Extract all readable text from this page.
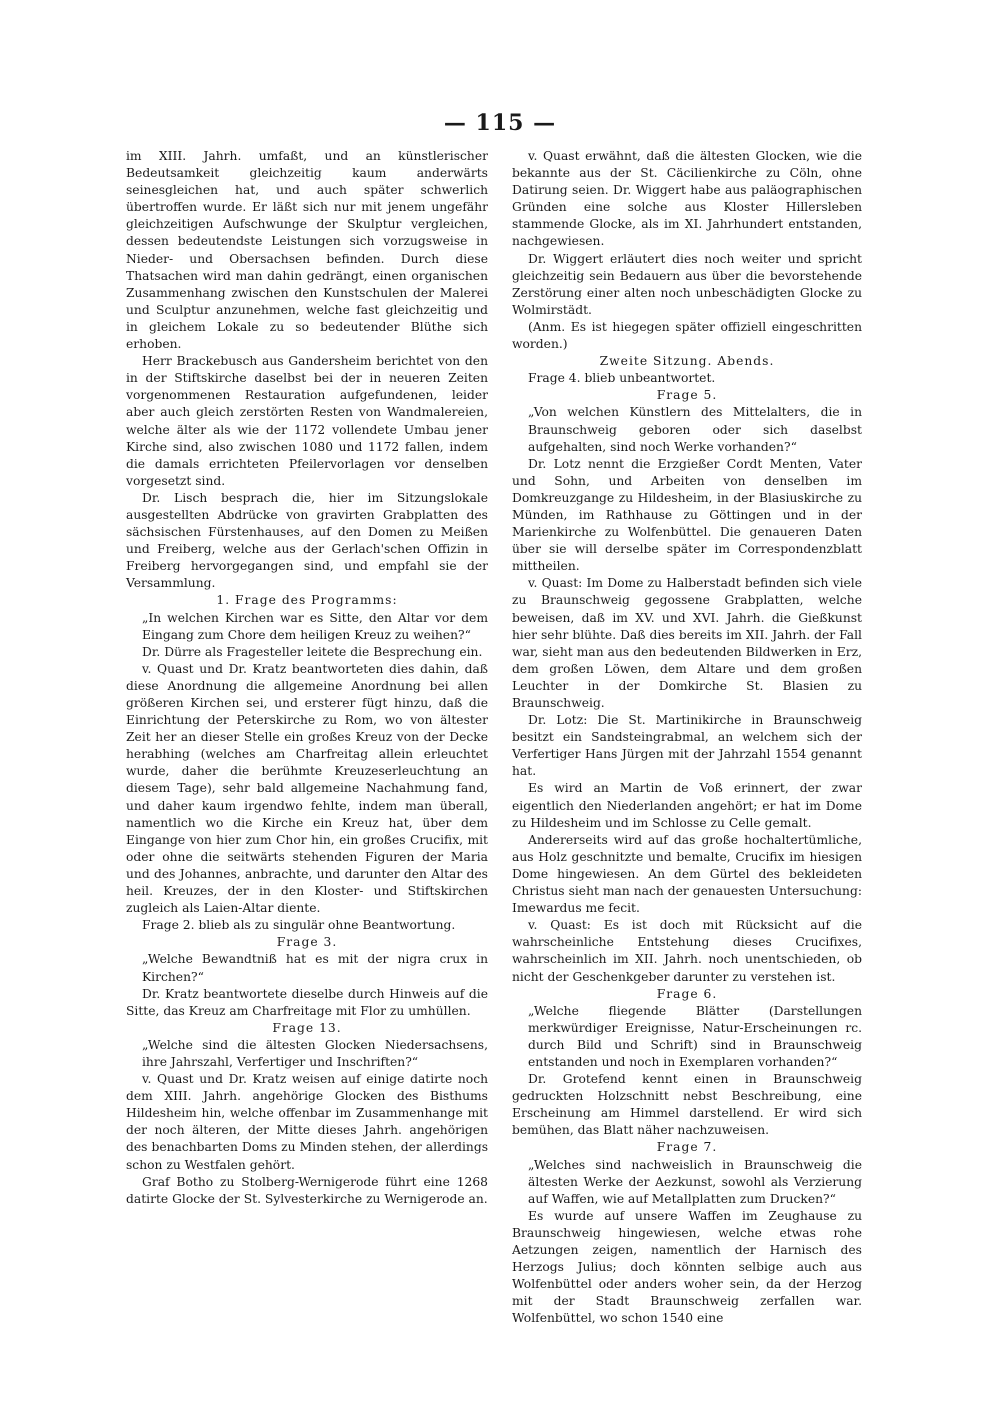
— 115 —

im XIII. Jahrh. umfaßt, und an künstlerischer Bedeutsamkeit gleichzeitig kaum anderwärts seinesgleichen hat, und auch später schwerlich übertroffen wurde. Er läßt sich nur mit jenem ungefähr gleichzeitigen Aufschwunge der Skulptur vergleichen, dessen bedeutendste Leistungen sich vorzugsweise in Nieder- und Obersachsen befinden. Durch diese Thatsachen wird man dahin gedrängt, einen organischen Zusammenhang zwischen den Kunstschulen der Malerei und Sculptur anzunehmen, welche fast gleichzeitig und in gleichem Lokale zu so bedeutender Blüthe sich erhoben.

Herr Brackebusch aus Gandersheim berichtet von den in der Stiftskirche daselbst bei der in neueren Zeiten vorgenommenen Restauration aufgefundenen, leider aber auch gleich zerstörten Resten von Wandmalereien, welche älter als wie der 1172 vollendete Umbau jener Kirche sind, also zwischen 1080 und 1172 fallen, indem die damals errichteten Pfeilervorlagen vor denselben vorgesetzt sind.

Dr. Lisch besprach die, hier im Sitzungslokale ausgestellten Abdrücke von gravirten Grabplatten des sächsischen Fürstenhauses, auf den Domen zu Meißen und Freiberg, welche aus der Gerlach'schen Offizin in Freiberg hervorgegangen sind, und empfahl sie der Versammlung.

1. Frage des Programms:

„In welchen Kirchen war es Sitte, den Altar vor dem Eingang zum Chore dem heiligen Kreuz zu weihen?“

Dr. Dürre als Fragesteller leitete die Besprechung ein.

v. Quast und Dr. Kratz beantworteten dies dahin, daß diese Anordnung die allgemeine Anordnung bei allen größeren Kirchen sei, und ersterer fügt hinzu, daß die Einrichtung der Peterskirche zu Rom, wo von ältester Zeit her an dieser Stelle ein großes Kreuz von der Decke herabhing (welches am Charfreitag allein erleuchtet wurde, daher die berühmte Kreuzeserleuchtung an diesem Tage), sehr bald allgemeine Nachahmung fand, und daher kaum irgendwo fehlte, indem man überall, namentlich wo die Kirche ein Kreuz hat, über dem Eingange von hier zum Chor hin, ein großes Crucifix, mit oder ohne die seitwärts stehenden Figuren der Maria und des Johannes, anbrachte, und darunter den Altar des heil. Kreuzes, der in den Kloster- und Stiftskirchen zugleich als Laien-Altar diente.

Frage 2. blieb als zu singulär ohne Beantwortung.

Frage 3.

„Welche Bewandtniß hat es mit der nigra crux in Kirchen?“

Dr. Kratz beantwortete dieselbe durch Hinweis auf die Sitte, das Kreuz am Charfreitage mit Flor zu umhüllen.

Frage 13.

„Welche sind die ältesten Glocken Niedersachsens, ihre Jahrszahl, Verfertiger und Inschriften?“

v. Quast und Dr. Kratz weisen auf einige datirte noch dem XIII. Jahrh. angehörige Glocken des Bisthums Hildesheim hin, welche offenbar im Zusammenhange mit der noch älteren, der Mitte dieses Jahrh. angehörigen des benachbarten Doms zu Minden stehen, der allerdings schon zu Westfalen gehört.

Graf Botho zu Stolberg-Wernigerode führt eine 1268 datirte Glocke der St. Sylvesterkirche zu Wernigerode an.

v. Quast erwähnt, daß die ältesten Glocken, wie die bekannte aus der St. Cäcilienkirche zu Cöln, ohne Datirung seien. Dr. Wiggert habe aus paläographischen Gründen eine solche aus Kloster Hillersleben stammende Glocke, als im XI. Jahrhundert entstanden, nachgewiesen.

Dr. Wiggert erläutert dies noch weiter und spricht gleichzeitig sein Bedauern aus über die bevorstehende Zerstörung einer alten noch unbeschädigten Glocke zu Wolmirstädt.

(Anm. Es ist hiegegen später offiziell eingeschritten worden.)

Zweite Sitzung. Abends.

Frage 4. blieb unbeantwortet.

Frage 5.

„Von welchen Künstlern des Mittelalters, die in Braunschweig geboren oder sich daselbst aufgehalten, sind noch Werke vorhanden?“

Dr. Lotz nennt die Erzgießer Cordt Menten, Vater und Sohn, und Arbeiten von denselben im Domkreuzgange zu Hildesheim, in der Blasiuskirche zu Münden, im Rathhause zu Göttingen und in der Marienkirche zu Wolfenbüttel. Die genaueren Daten über sie will derselbe später im Correspondenzblatt mittheilen.

v. Quast: Im Dome zu Halberstadt befinden sich viele zu Braunschweig gegossene Grabplatten, welche beweisen, daß im XV. und XVI. Jahrh. die Gießkunst hier sehr blühte. Daß dies bereits im XII. Jahrh. der Fall war, sieht man aus den bedeutenden Bildwerken in Erz, dem großen Löwen, dem Altare und dem großen Leuchter in der Domkirche St. Blasien zu Braunschweig.

Dr. Lotz: Die St. Martinikirche in Braunschweig besitzt ein Sandsteingrabmal, an welchem sich der Verfertiger Hans Jürgen mit der Jahrzahl 1554 genannt hat.

Es wird an Martin de Voß erinnert, der zwar eigentlich den Niederlanden angehört; er hat im Dome zu Hildesheim und im Schlosse zu Celle gemalt.

Andererseits wird auf das große hochaltertümliche, aus Holz geschnitzte und bemalte, Crucifix im hiesigen Dome hingewiesen. An dem Gürtel des bekleideten Christus sieht man nach der genauesten Untersuchung: Imewardus me fecit.

v. Quast: Es ist doch mit Rücksicht auf die wahrscheinliche Entstehung dieses Crucifixes, wahrscheinlich im XII. Jahrh. noch unentschieden, ob nicht der Geschenkgeber darunter zu verstehen ist.

Frage 6.

„Welche fliegende Blätter (Darstellungen merkwürdiger Ereignisse, Natur-Erscheinungen rc. durch Bild und Schrift) sind in Braunschweig entstanden und noch in Exemplaren vorhanden?“

Dr. Grotefend kennt einen in Braunschweig gedruckten Holzschnitt nebst Beschreibung, eine Erscheinung am Himmel darstellend. Er wird sich bemühen, das Blatt näher nachzuweisen.

Frage 7.

„Welches sind nachweislich in Braunschweig die ältesten Werke der Aezkunst, sowohl als Verzierung auf Waffen, wie auf Metallplatten zum Drucken?“

Es wurde auf unsere Waffen im Zeughause zu Braunschweig hingewiesen, welche etwas rohe Aetzungen zeigen, namentlich der Harnisch des Herzogs Julius; doch könnten selbige auch aus Wolfenbüttel oder anders woher sein, da der Herzog mit der Stadt Braunschweig zerfallen war. Wolfenbüttel, wo schon 1540 eine
